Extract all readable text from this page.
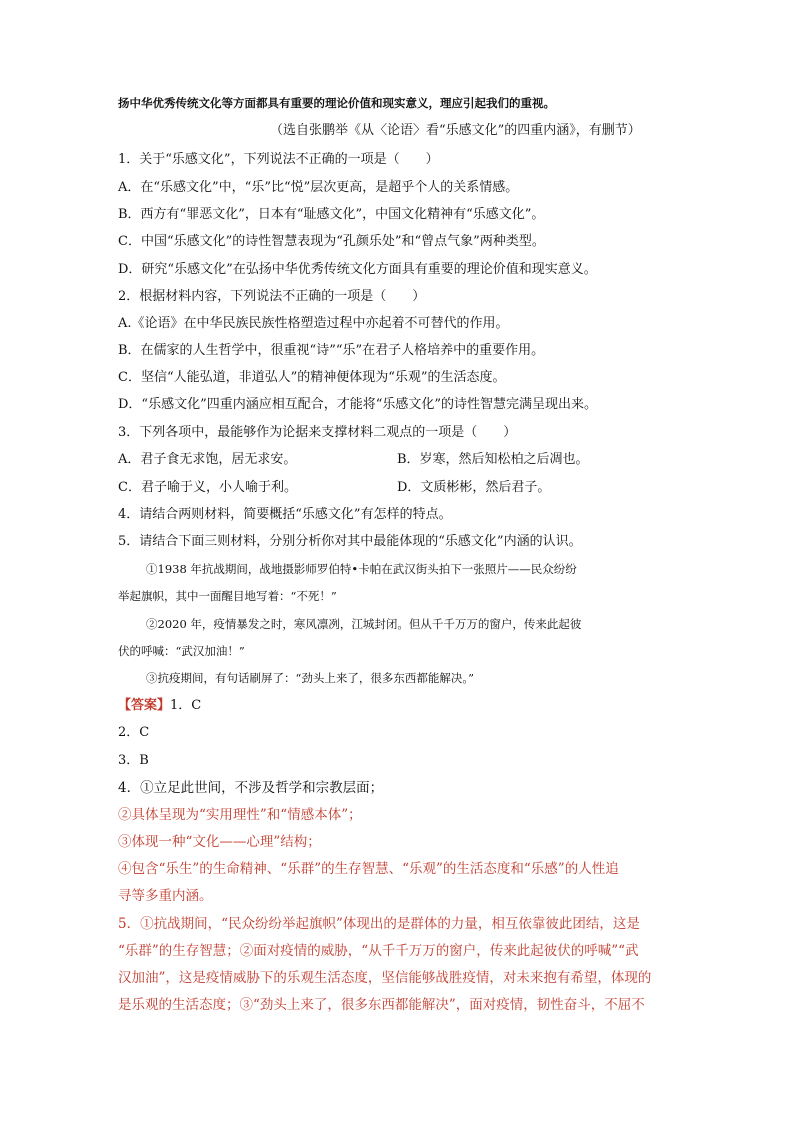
扬中华优秀传统文化等方面都具有重要的理论价值和现实意义，理应引起我们的重视。
（选自张鹏举《从〈论语〉看“乐感文化”的四重内涵》，有删节）
1．关于“乐感文化”，下列说法不正确的一项是（　　）
A．在“乐感文化”中，“乐”比“悦”层次更高，是超乎个人的关系情感。
B．西方有“罪恶文化”，日本有“耻感文化”，中国文化精神有“乐感文化”。
C．中国“乐感文化”的诗性智慧表现为“孔颜乐处”和“曾点气象”两种类型。
D．研究“乐感文化”在弘扬中华优秀传统文化方面具有重要的理论价值和现实意义。
2．根据材料内容，下列说法不正确的一项是（　　）
A.《论语》在中华民族民族性格塑造过程中亦起着不可替代的作用。
B．在儒家的人生哲学中，很重视“诗”“乐”在君子人格培养中的重要作用。
C．坚信“人能弘道，非道弘人”的精神便体现为“乐观”的生活态度。
D．“乐感文化”四重内涵应相互配合，才能将“乐感文化”的诗性智慧完满呈现出来。
3．下列各项中，最能够作为论据来支撑材料二观点的一项是（　　）
A．君子食无求饱，居无求安。	B．岁寒，然后知松柏之后凋也。
C．君子喻于义，小人喻于利。	D．文质彬彬，然后君子。
4．请结合两则材料，简要概括“乐感文化”有怎样的特点。
5．请结合下面三则材料，分别分析你对其中最能体现的“乐感文化”内涵的认识。
①1938 年抗战期间，战地摄影师罗伯特•卡帕在武汉街头拍下一张照片——民众纷纷
举起旗帜，其中一面醒目地写着：“不死！”
②2020 年，疫情暴发之时，寒风凛冽，江城封闭。但从千千万万的窗户，传来此起彼
伏的呼喊：“武汉加油！”
③抗疫期间，有句话刷屏了：“劲头上来了，很多东西都能解决。”
【答案】1．C
2．C
3．B
4．①立足此世间，不涉及哲学和宗教层面；
②具体呈现为“实用理性”和“情感本体”；
③体现一种“文化——心理”结构；
④包含“乐生”的生命精神、“乐群”的生存智慧、“乐观”的生活态度和“乐感”的人性追
寻等多重内涵。
5．①抗战期间，“民众纷纷举起旗帜”体现出的是群体的力量，相互依靠彼此团结，这是
“乐群”的生存智慧；②面对疫情的威胁，“从千千万万的窗户，传来此起彼伏的呼喊”“武
汉加油”，这是疫情威胁下的乐观生活态度，坚信能够战胜疫情，对未来抱有希望，体现的
是乐观的生活态度；③“劲头上来了，很多东西都能解决”，面对疫情，韧性奋斗，不屈不
